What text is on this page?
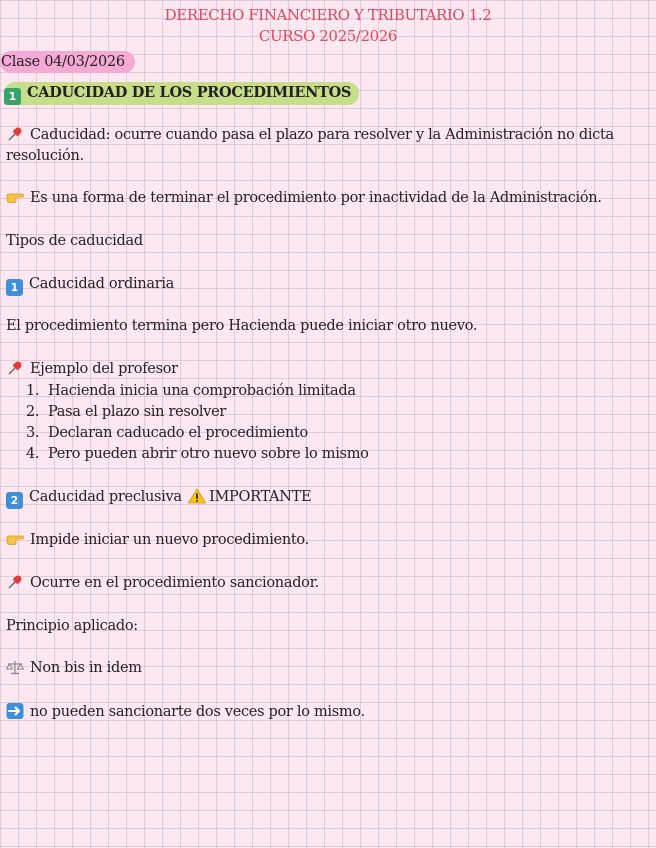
DERECHO FINANCIERO Y TRIBUTARIO 1.2
CURSO 2025/2026
Clase 04/03/2026
1 CADUCIDAD DE LOS PROCEDIMIENTOS
Caducidad: ocurre cuando pasa el plazo para resolver y la Administración no dicta resolución.
Es una forma de terminar el procedimiento por inactividad de la Administración.
Tipos de caducidad
1 Caducidad ordinaria
El procedimiento termina pero Hacienda puede iniciar otro nuevo.
Ejemplo del profesor
1. Hacienda inicia una comprobación limitada
2. Pasa el plazo sin resolver
3. Declaran caducado el procedimiento
4. Pero pueden abrir otro nuevo sobre lo mismo
2 Caducidad preclusiva IMPORTANTE
Impide iniciar un nuevo procedimiento.
Ocurre en el procedimiento sancionador.
Principio aplicado:
Non bis in idem
no pueden sancionarte dos veces por lo mismo.
